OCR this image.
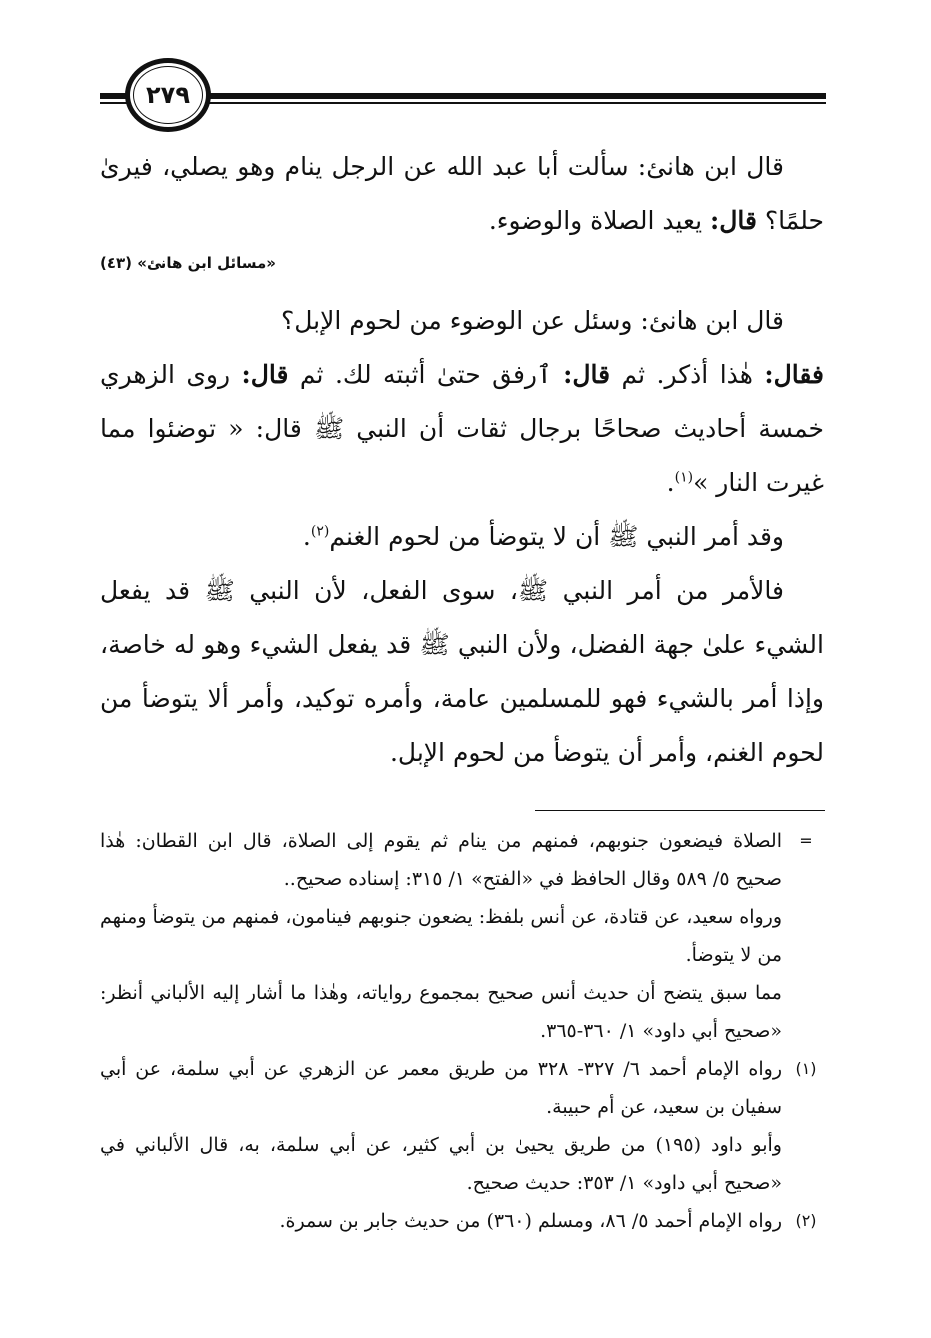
٢٧٩

قال ابن هانئ: سألت أبا عبد الله عن الرجل ينام وهو يصلي، فيرىٰ حلمًا؟ قال: يعيد الصلاة والوضوء.

«مسائل ابن هانئ» (٤٣)

قال ابن هانئ: وسئل عن الوضوء من لحوم الإبل؟

فقال: هٰذا أذكر. ثم قال: ٱرفق حتىٰ أثبته لك. ثم قال: روى الزهري خمسة أحاديث صحاحًا برجال ثقات أن النبي ﷺ قال: « توضئوا مما غيرت النار »$^{(١)}$.

وقد أمر النبي ﷺ أن لا يتوضأ من لحوم الغنم$^{(٢)}$.

فالأمر من أمر النبي ﷺ، سوى الفعل، لأن النبي ﷺ قد يفعل الشيء علىٰ جهة الفضل، ولأن النبي ﷺ قد يفعل الشيء وهو له خاصة، وإذا أمر بالشيء فهو للمسلمين عامة، وأمره توكيد، وأمر ألا يتوضأ من لحوم الغنم، وأمر أن يتوضأ من لحوم الإبل.

=
الصلاة فيضعون جنوبهم، فمنهم من ينام ثم يقوم إلى الصلاة، قال ابن القطان: هٰذا صحيح ٥/ ٥٨٩ وقال الحافظ في «الفتح» ١/ ٣١٥: إسناده صحيح..

ورواه سعيد، عن قتادة، عن أنس بلفظ: يضعون جنوبهم فينامون، فمنهم من يتوضأ ومنهم من لا يتوضأ.

مما سبق يتضح أن حديث أنس صحيح بمجموع رواياته، وهٰذا ما أشار إليه الألباني أنظر: «صحيح أبي داود» ١/ ٣٦٠-٣٦٥.

(١)
رواه الإمام أحمد ٦/ ٣٢٧- ٣٢٨ من طريق معمر عن الزهري عن أبي سلمة، عن أبي سفيان بن سعيد، عن أم حبيبة.

وأبو داود (١٩٥) من طريق يحيىٰ بن أبي كثير، عن أبي سلمة، به، قال الألباني في «صحيح أبي داود» ١/ ٣٥٣: حديث صحيح.

(٢)
رواه الإمام أحمد ٥/ ٨٦، ومسلم (٣٦٠) من حديث جابر بن سمرة.
